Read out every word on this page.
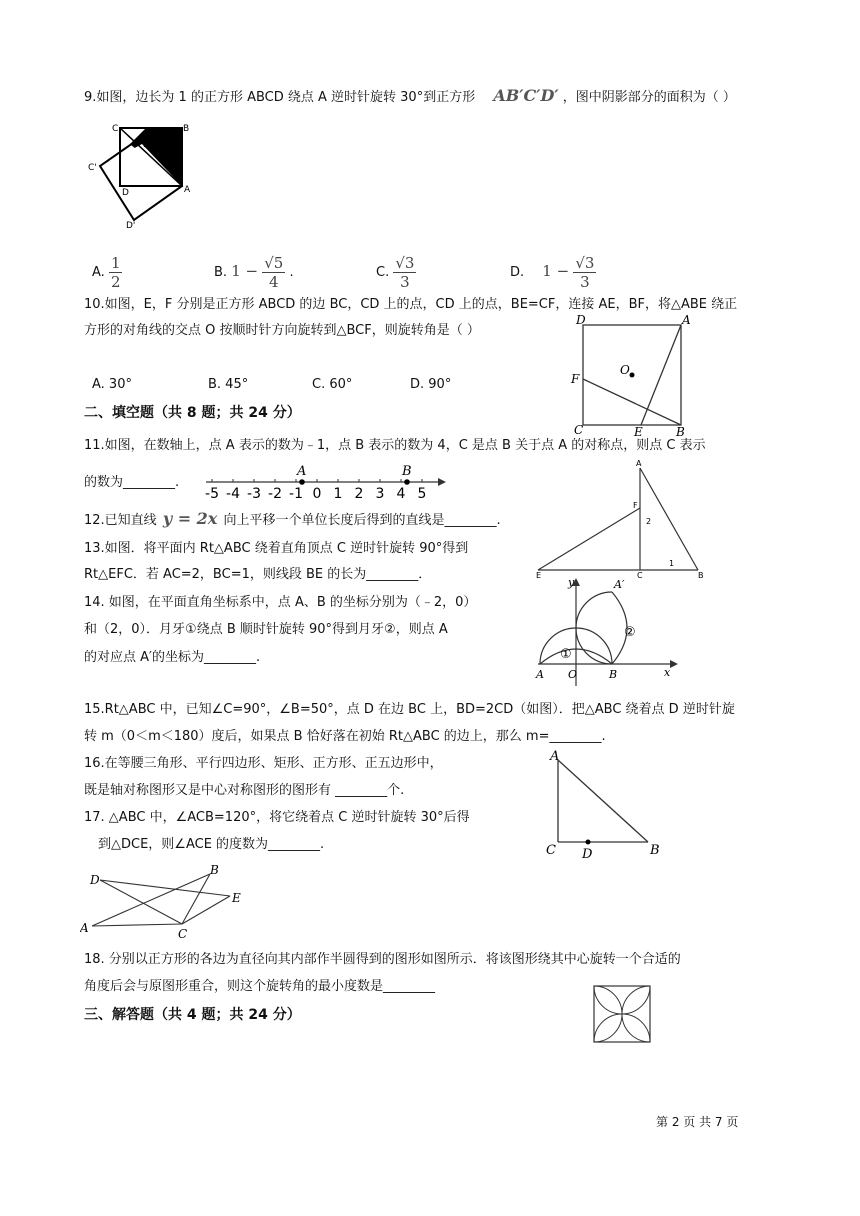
9.如图，边长为 1 的正方形 ABCD 绕点 A 逆时针旋转 30°到正方形 AB′C′D′ ，图中阴影部分的面积为（ ）
C	B
B'
C'
D	A
D'
A. $\frac{1}{2}$	B. $1 - \frac{√5}{4}$ .	C. $\frac{√3}{3}$	D. $1 - \frac{√3}{3}$
10.如图，E，F 分别是正方形 ABCD 的边 BC，CD 上的点，CD 上的点，BE=CF，连接 AE，BF，将△ABE 绕正
方形的对角线的交点 O 按顺时针方向旋转到△BCF，则旋转角是（ ）
A. 30°	B. 45°	C. 60°	D. 90°
D	A
O
F
C	E	B
二、填空题（共 8 题；共 24 分）
11.如图，在数轴上，点 A 表示的数为﹣1，点 B 表示的数为 4，C 是点 B 关于点 A 的对称点，则点 C 表示
的数为________.
A	B
-5 -4 -3 -2 -1 0 1 2 3 4 5
12.已知直线 y = 2x 向上平移一个单位长度后得到的直线是________.
A
F
2
E	C
1
B
13.如图．将平面内 Rt△ABC 绕着直角顶点 C 逆时针旋转 90°得到
Rt△EFC．若 AC=2，BC=1，则线段 BE 的长为________．
14. 如图，在平面直角坐标系中，点 A、B 的坐标分别为（﹣2，0）
和（2，0）．月牙①绕点 B 顺时针旋转 90°得到月牙②，则点 A
的对应点 A′的坐标为________.
y	A′
①
②
A O	B	x
15.Rt△ABC 中，已知∠C=90°，∠B=50°，点 D 在边 BC 上，BD=2CD（如图）．把△ABC 绕着点 D 逆时针旋
转 m（0＜m＜180）度后，如果点 B 恰好落在初始 Rt△ABC 的边上，那么 m=________.
16.在等腰三角形、平行四边形、矩形、正方形、正五边形中，
既是轴对称图形又是中心对称图形的图形有 ________个.
A
C D	B
17. △ABC 中，∠ACB=120°，将它绕着点 C 逆时针旋转 30°后得
到△DCE，则∠ACE 的度数为________.
D
B
E
A	C
18. 分别以正方形的各边为直径向其内部作半圆得到的图形如图所示．将该图形绕其中心旋转一个合适的
角度后会与原图形重合，则这个旋转角的最小度数是________
三、解答题（共 4 题；共 24 分）
第 2 页 共 7 页
